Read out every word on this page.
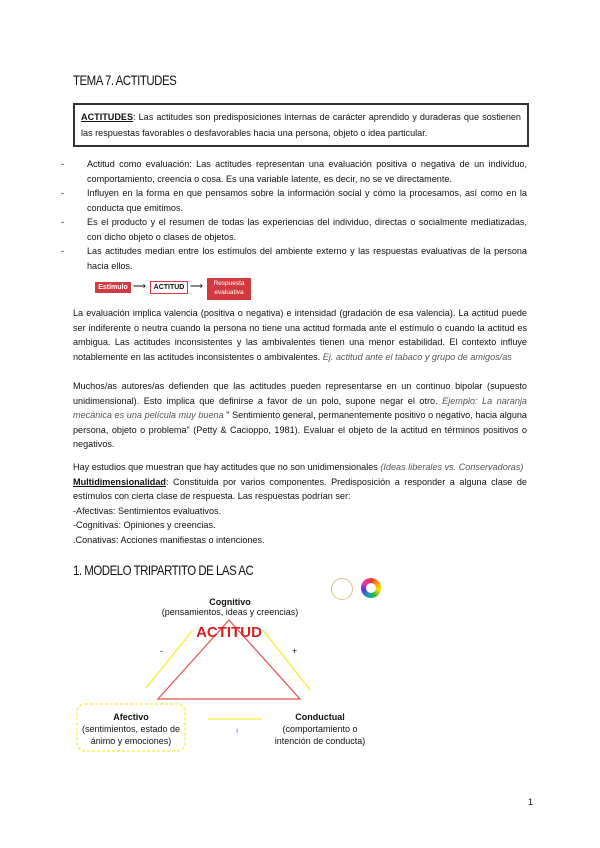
TEMA 7. ACTITUDES
ACTITUDES: Las actitudes son predisposiciones internas de carácter aprendido y duraderas que sostienen las respuestas favorables o desfavorables hacia una persona, objeto o idea particular.
-	Actitud como evaluación: Las actitudes representan una evaluación positiva o negativa de un individuo, comportamiento, creencia o cosa. Es una variable latente, es decir, no se ve directamente.
-	Influyen en la forma en que pensamos sobre la información social y cómo la procesamos, así como en la conducta que emitimos.
-	Es el producto y el resumen de todas las experiencias del individuo, directas o socialmente mediatizadas, con dicho objeto o clases de objetos.
-	Las actitudes median entre los estímulos del ambiente externo y las respuestas evaluativas de la persona hacia ellos.
Estímulo ⟶	ACTITUD ⟶	Respuesta evaluativa
La evaluación implica valencia (positiva o negativa) e intensidad (gradación de esa valencia). La actitud puede ser indiferente o neutra cuando la persona no tiene una actitud formada ante el estímulo o cuando la actitud es ambigua. Las actitudes inconsistentes y las ambivalentes tienen una menor estabilidad. El contexto influye notablemente en las actitudes inconsistentes o ambivalentes. Ej. actitud ante el tabaco y grupo de amigos/as
Muchos/as autores/as defienden que las actitudes pueden representarse en un continuo bipolar (supuesto unidimensional). Esto implica que definirse a favor de un polo, supone negar el otro. Ejemplo: La naranja mecánica es una película muy buena " Sentimiento general, permanentemente positivo o negativo, hacia alguna persona, objeto o problema" (Petty & Cacioppo, 1981). Evaluar el objeto de la actitud en términos positivos o negativos.
Hay estudios que muestran que hay actitudes que no son unidimensionales (Ideas liberales vs. Conservadoras)
Multidimensionalidad: Constituida por varios componentes. Predisposición a responder a alguna clase de estímulos con cierta clase de respuesta. Las respuestas podrían ser:
-Afectivas: Sentimientos evaluativos.
-Cognitivas: Opiniones y creencias.
.Conativas: Acciones manifiestas o intenciones.
1. MODELO TRIPARTITO DE LAS AC
ACTITUD
Cognitivo
(pensamientos, ideas y creencias)
Afectivo
(sentimientos, estado de ánimo y emociones)
Conductual
(comportamiento o intención de conducta)
-	+
ı
1
